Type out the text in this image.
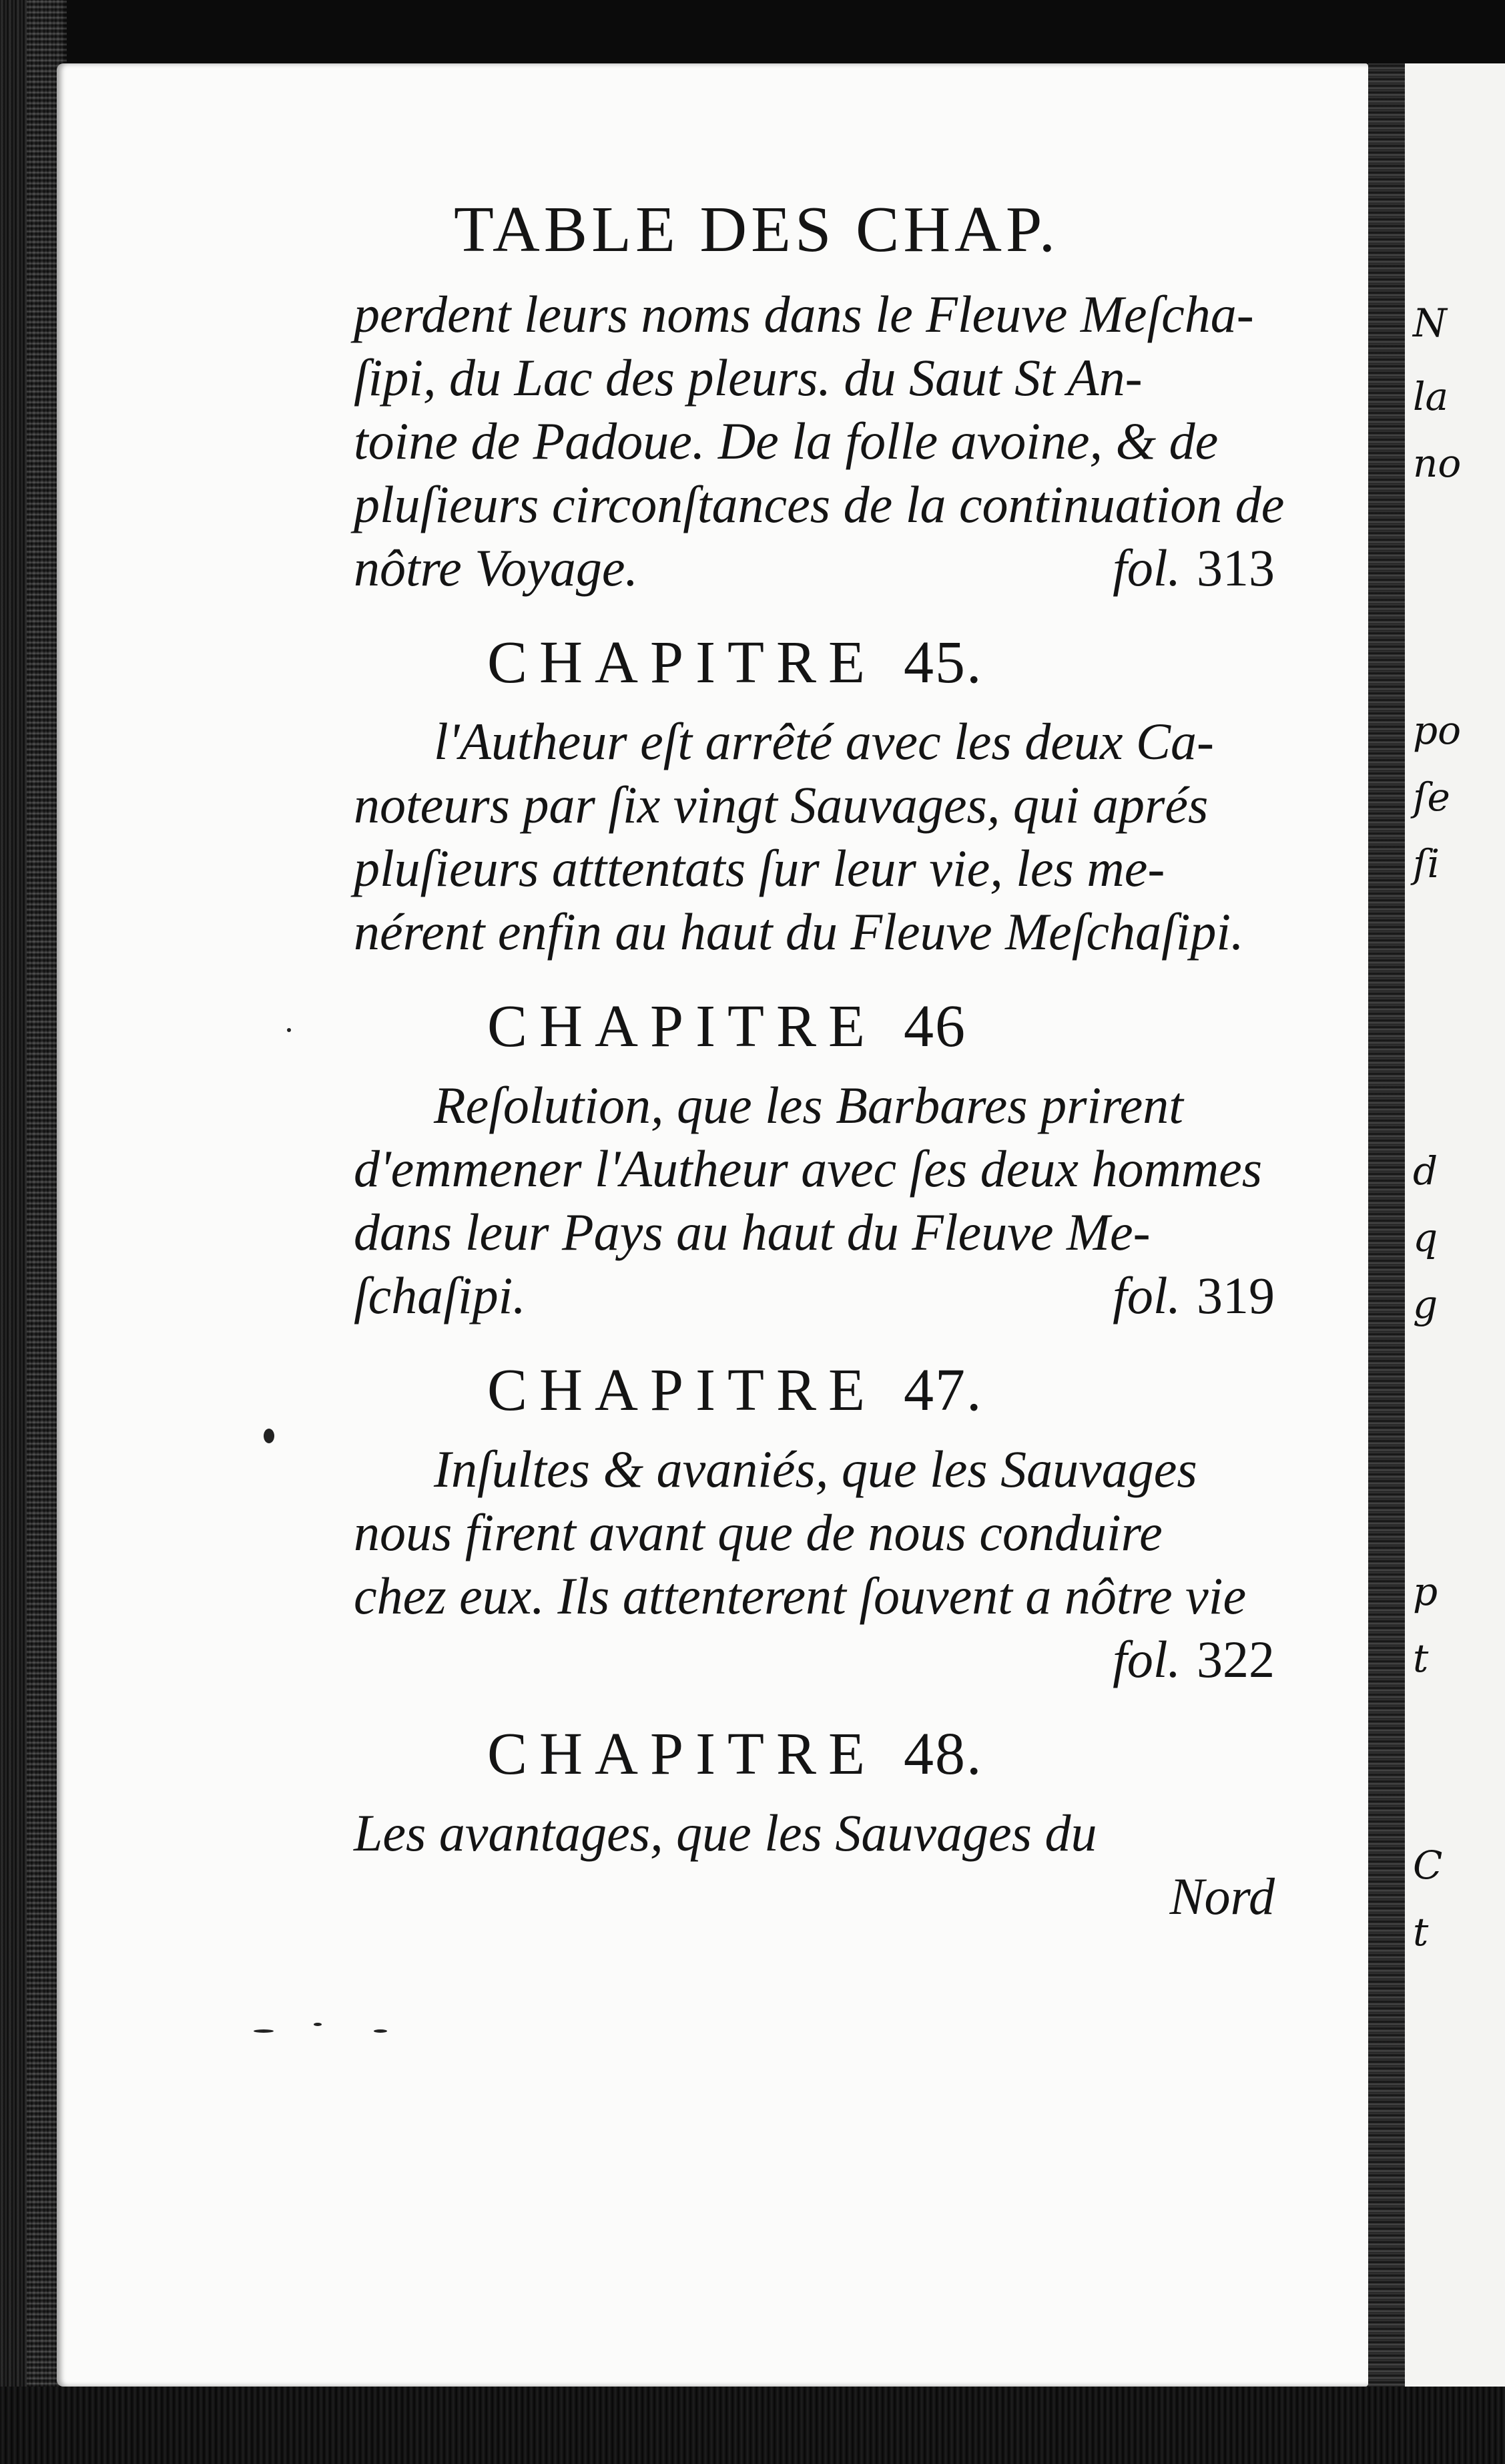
N
la
no
po
ſe
ſi
d
q
g
p
t
C
t
TABLE DES CHAP.

perdent leurs noms dans le Fleuve Meſcha-

ſipi, du Lac des pleurs. du Saut St An-

toine de Padoue. De la folle avoine, & de

pluſieurs circonſtances de la continuation de

nôtre Voyage.	fol. 313
CHAPITRE 45.

l'Autheur eſt arrêté avec les deux Ca-

noteurs par ſix vingt Sauvages, qui aprés

pluſieurs atttentats ſur leur vie, les me-

nérent enfin au haut du Fleuve Meſchaſipi.

CHAPITRE 46

Reſolution, que les Barbares prirent

d'emmener l'Autheur avec ſes deux hommes

dans leur Pays au haut du Fleuve Me-

ſchaſipi.	fol. 319
CHAPITRE 47.

Inſultes & avaniés, que les Sauvages

nous firent avant que de nous conduire

chez eux. Ils attenterent ſouvent a nôtre vie

fol. 322
CHAPITRE 48.

Les avantages, que les Sauvages du

Nord
